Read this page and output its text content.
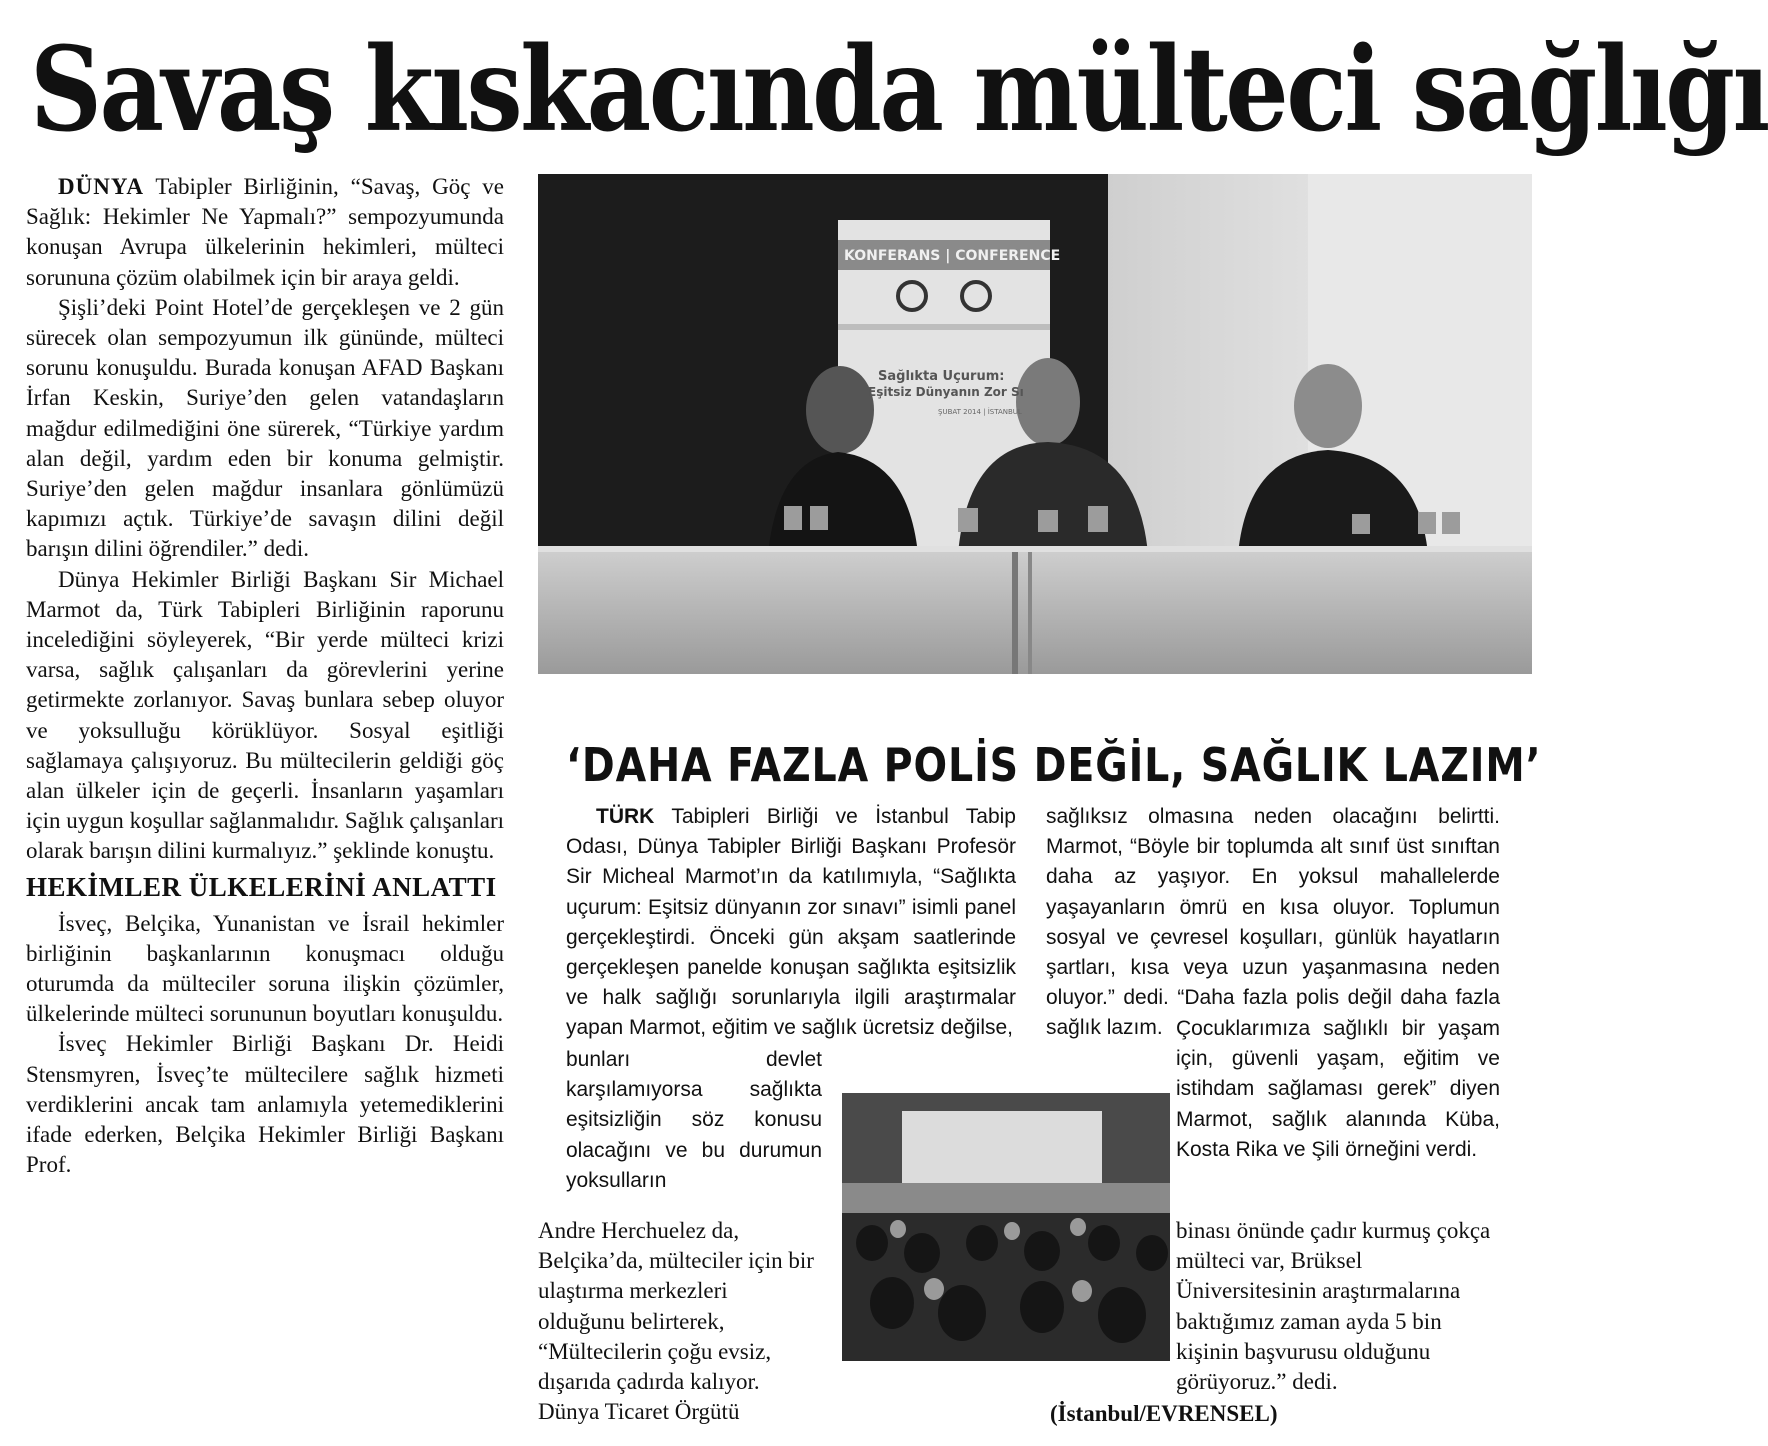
Savaş kıskacında mülteci sağlığı

DÜNYA Tabipler Birliğinin, “Savaş, Göç ve Sağlık: Hekimler Ne Yapmalı?” sempozyumunda konuşan Avrupa ülkelerinin hekimleri, mülteci sorununa çözüm olabilmek için bir araya geldi.

Şişli’deki Point Hotel’de gerçekleşen ve 2 gün sürecek olan sempozyumun ilk gününde, mülteci sorunu konuşuldu. Burada konuşan AFAD Başkanı İrfan Keskin, Suriye’den gelen vatandaşların mağdur edilmediğini öne sürerek, “Türkiye yardım alan değil, yardım eden bir konuma gelmiştir. Suriye’den gelen mağdur insanlara gönlümüzü kapımızı açtık. Türkiye’de savaşın dilini değil barışın dilini öğrendiler.” dedi.

Dünya Hekimler Birliği Başkanı Sir Michael Marmot da, Türk Tabipleri Birliğinin raporunu incelediğini söyleyerek, “Bir yerde mülteci krizi varsa, sağlık çalışanları da görevlerini yerine getirmekte zorlanıyor. Savaş bunlara sebep oluyor ve yoksulluğu körüklüyor. Sosyal eşitliği sağlamaya çalışıyoruz. Bu mültecilerin geldiği göç alan ülkeler için de geçerli. İnsanların yaşamları için uygun koşullar sağlanmalıdır. Sağlık çalışanları olarak barışın dilini kurmalıyız.” şeklinde konuştu.

HEKİMLER ÜLKELERİNİ ANLATTI

İsveç, Belçika, Yunanistan ve İsrail hekimler birliğinin başkanlarının konuşmacı olduğu oturumda da mülteciler soruna ilişkin çözümler, ülkelerinde mülteci sorununun boyutları konuşuldu.

İsveç Hekimler Birliği Başkanı Dr. Heidi Stensmyren, İsveç’te mültecilere sağlık hizmeti verdiklerini ancak tam anlamıyla yetemediklerini ifade ederken, Belçika Hekimler Birliği Başkanı Prof.

KONFERANS | CONFERENCE
Sağlıkta Uçurum:
Eşitsiz Dünyanın Zor Sı
ŞUBAT 2014 | İSTANBUL
‘DAHA FAZLA POLİS DEĞİL, SAĞLIK LAZIM’

TÜRK Tabipleri Birliği ve İstanbul Tabip Odası, Dünya Tabipler Birliği Başkanı Profesör Sir Micheal Marmot’ın da katılımıyla, “Sağlıkta uçurum: Eşitsiz dünyanın zor sınavı” isimli panel gerçekleştirdi. Önceki gün akşam saatlerinde gerçekleşen panelde konuşan sağlıkta eşitsizlik ve halk sağlığı sorunlarıyla ilgili araştırmalar yapan Marmot, eğitim ve sağlık ücretsiz değilse,

bunları devlet karşılamıyorsa sağlıkta eşitsizliğin söz konusu olacağını ve bu durumun yoksulların

sağlıksız olmasına neden olacağını belirtti. Marmot, “Böyle bir toplumda alt sınıf üst sınıftan daha az yaşıyor. En yoksul mahallelerde yaşayanların ömrü en kısa oluyor. Toplumun sosyal ve çevresel koşulları, günlük hayatların şartları, kısa veya uzun yaşanmasına neden oluyor.” dedi. “Daha fazla polis değil daha fazla sağlık lazım. Çocuklarımıza sağlıklı bir yaşam için, güvenli yaşam, eğitim ve istihdam sağlaması gerek” diyen Marmot, sağlık alanında Küba, Kosta Rika ve Şili örneğini verdi.

Andre Herchuelez da, Belçika’da, mülteciler için bir ulaştırma merkezleri olduğunu belirterek, “Mültecilerin çoğu evsiz, dışarıda çadırda kalıyor. Dünya Ticaret Örgütü

binası önünde çadır kurmuş çokça mülteci var, Brüksel Üniversitesinin araştırmalarına baktığımız zaman ayda 5 bin kişinin başvurusu olduğunu görüyoruz.” dedi.

(İstanbul/EVRENSEL)
